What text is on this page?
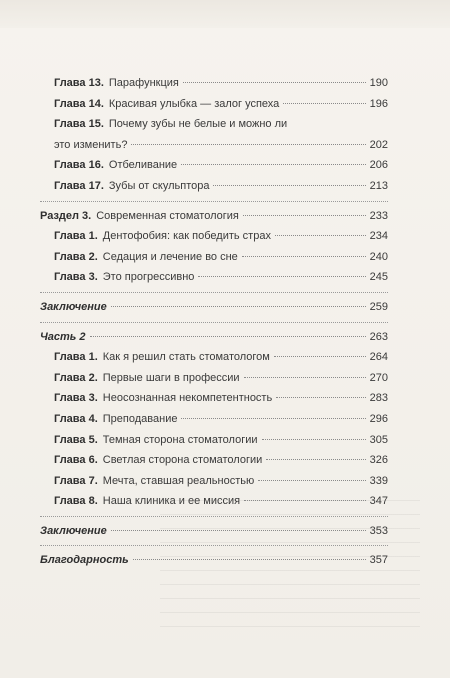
Глава 13. Парафункция	190
Глава 14. Красивая улыбка — залог успеха	196
Глава 15. Почему зубы не белые и можно ли
это изменить?	202
Глава 16. Отбеливание	206
Глава 17. Зубы от скульптора	213
Раздел 3. Современная стоматология	233
Глава 1. Дентофобия: как победить страх	234
Глава 2. Седация и лечение во сне	240
Глава 3. Это прогрессивно	245
Заключение	259
Часть 2	263
Глава 1. Как я решил стать стоматологом	264
Глава 2. Первые шаги в профессии	270
Глава 3. Неосознанная некомпетентность	283
Глава 4. Преподавание	296
Глава 5. Темная сторона стоматологии	305
Глава 6. Светлая сторона стоматологии	326
Глава 7. Мечта, ставшая реальностью	339
Глава 8. Наша клиника и ее миссия	347
Заключение	353
Благодарность	357
